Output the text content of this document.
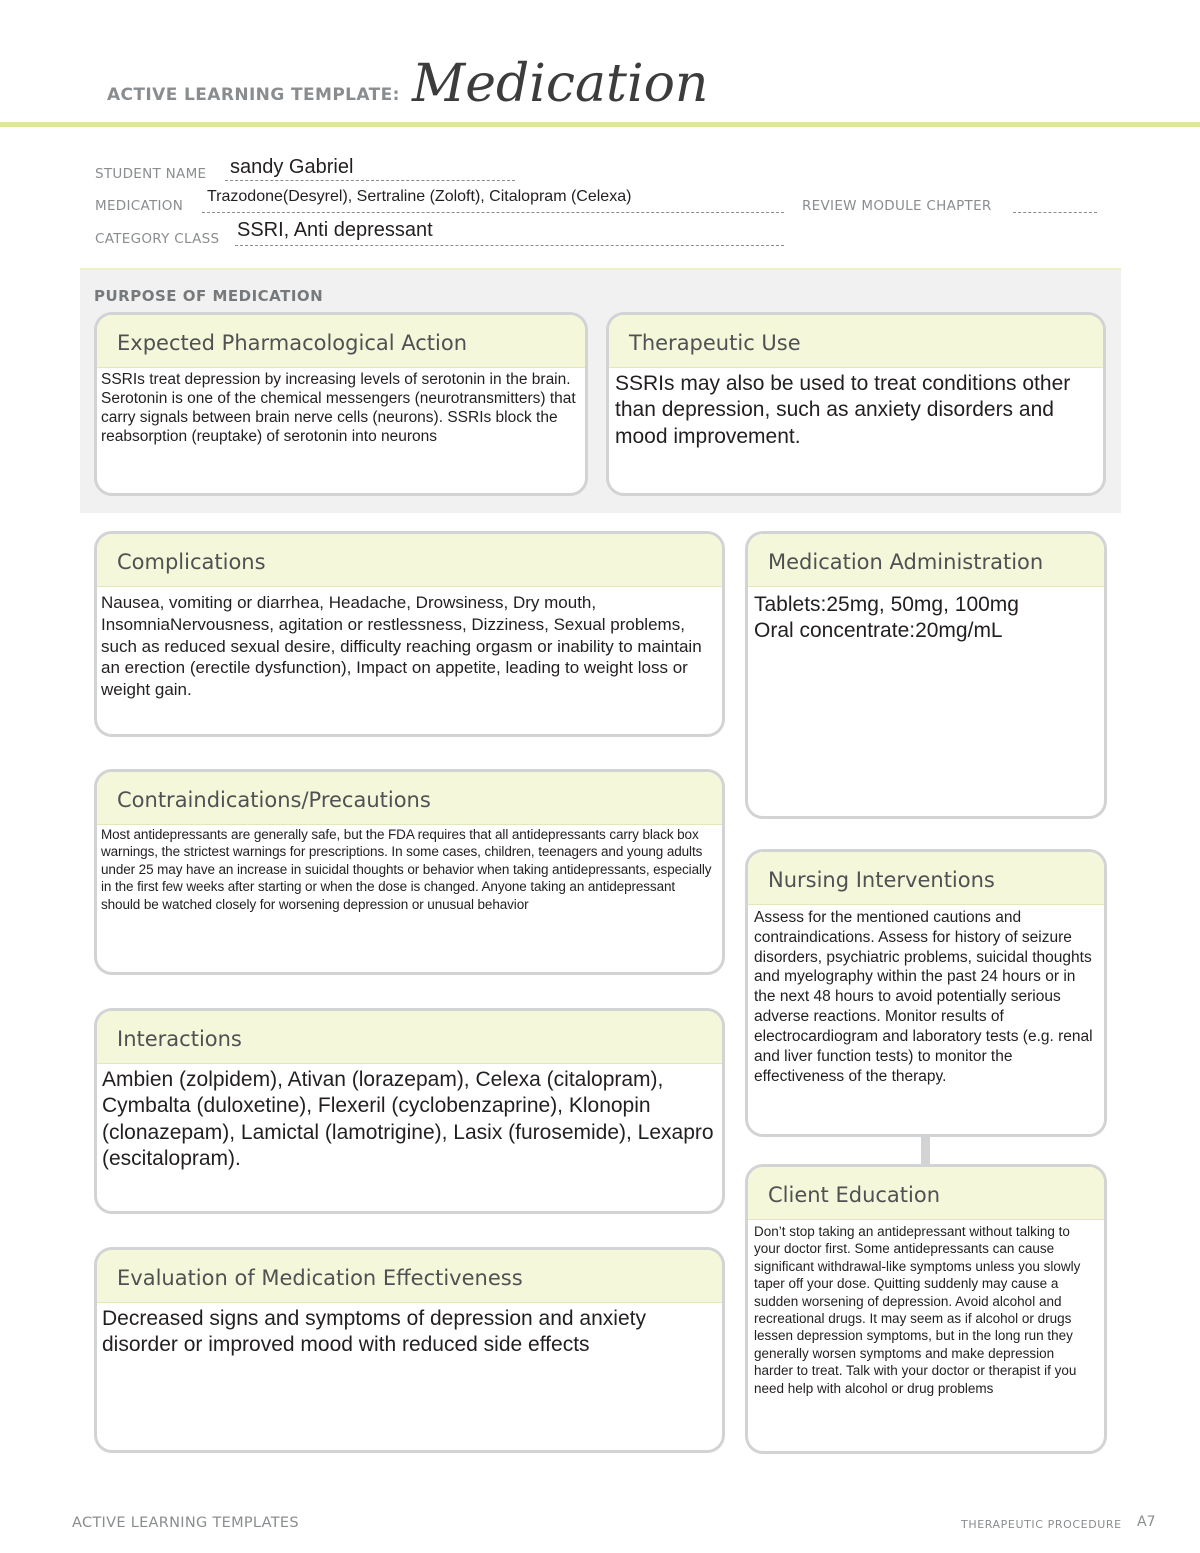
ACTIVE LEARNING TEMPLATE: Medication
STUDENT NAME sandy Gabriel
MEDICATION
Trazodone(Desyrel), Sertraline (Zoloft), Citalopram (Celexa)
REVIEW MODULE CHAPTER
CATEGORY CLASS SSRI, Anti depressant
PURPOSE OF MEDICATION
Expected Pharmacological Action
SSRIs treat depression by increasing levels of serotonin in the brain. Serotonin is one of the chemical messengers (neurotransmitters) that carry signals between brain nerve cells (neurons). SSRIs block the reabsorption (reuptake) of serotonin into neurons
Therapeutic Use
SSRIs may also be used to treat conditions other than depression, such as anxiety disorders and mood improvement.
Complications
Nausea, vomiting or diarrhea, Headache, Drowsiness, Dry mouth, InsomniaNervousness, agitation or restlessness, Dizziness, Sexual problems, such as reduced sexual desire, difficulty reaching orgasm or inability to maintain an erection (erectile dysfunction), Impact on appetite, leading to weight loss or weight gain.
Medication Administration
Tablets:25mg, 50mg, 100mg
Oral concentrate:20mg/mL
Contraindications/Precautions
Most antidepressants are generally safe, but the FDA requires that all antidepressants carry black box warnings, the strictest warnings for prescriptions. In some cases, children, teenagers and young adults under 25 may have an increase in suicidal thoughts or behavior when taking antidepressants, especially in the first few weeks after starting or when the dose is changed. Anyone taking an antidepressant should be watched closely for worsening depression or unusual behavior
Nursing Interventions
Assess for the mentioned cautions and contraindications. Assess for history of seizure disorders, psychiatric problems, suicidal thoughts and myelography within the past 24 hours or in the next 48 hours to avoid potentially serious adverse reactions. Monitor results of electrocardiogram and laboratory tests (e.g. renal and liver function tests) to monitor the effectiveness of the therapy.
Interactions
Ambien (zolpidem), Ativan (lorazepam), Celexa (citalopram), Cymbalta (duloxetine), Flexeril (cyclobenzaprine), Klonopin (clonazepam), Lamictal (lamotrigine), Lasix (furosemide), Lexapro (escitalopram).
Client Education
Don’t stop taking an antidepressant without talking to your doctor first. Some antidepressants can cause significant withdrawal-like symptoms unless you slowly taper off your dose. Quitting suddenly may cause a sudden worsening of depression. Avoid alcohol and recreational drugs. It may seem as if alcohol or drugs lessen depression symptoms, but in the long run they generally worsen symptoms and make depression harder to treat. Talk with your doctor or therapist if you need help with alcohol or drug problems
Evaluation of Medication Effectiveness
Decreased signs and symptoms of depression and anxiety disorder or improved mood with reduced side effects
ACTIVE LEARNING TEMPLATES	THERAPEUTIC PROCEDURE A7
